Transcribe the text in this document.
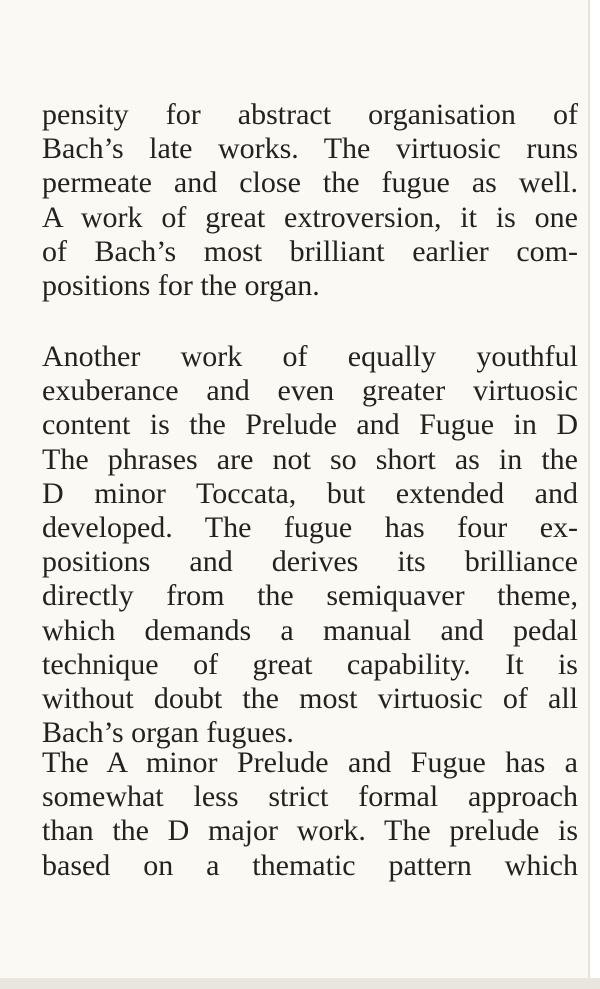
pensity for abstract organisation of
Bach’s late works. The virtuosic runs
permeate and close the fugue as well.
A work of great extroversion, it is one
of Bach’s most brilliant earlier com-
positions for the organ.
Another work of equally youthful
exuberance and even greater virtuosic
content is the Prelude and Fugue in D
The phrases are not so short as in the
D minor Toccata, but extended and
developed. The fugue has four ex-
positions and derives its brilliance
directly from the semiquaver theme,
which demands a manual and pedal
technique of great capability. It is
without doubt the most virtuosic of all
Bach’s organ fugues.
The A minor Prelude and Fugue has a
somewhat less strict formal approach
than the D major work. The prelude is
based on a thematic pattern which
